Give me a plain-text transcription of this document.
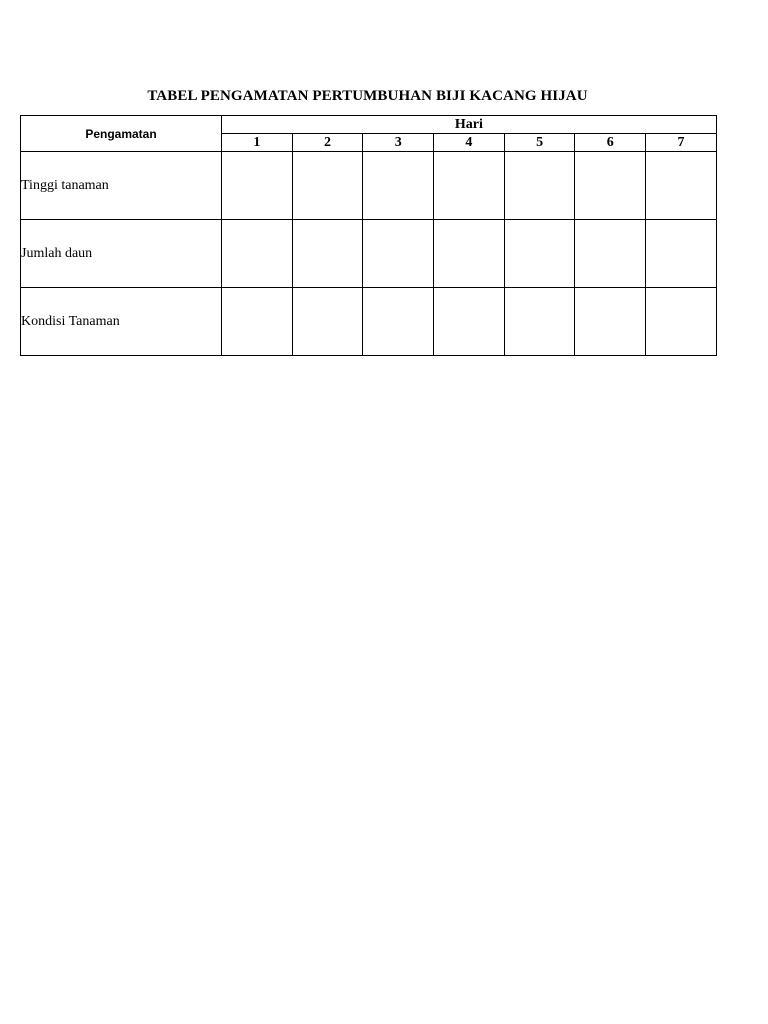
TABEL PENGAMATAN PERTUMBUHAN BIJI KACANG HIJAU
Pengamatan	Hari						
	1	2	3	4	5	6	7
Tinggi tanaman							
Jumlah daun							
Kondisi Tanaman							
